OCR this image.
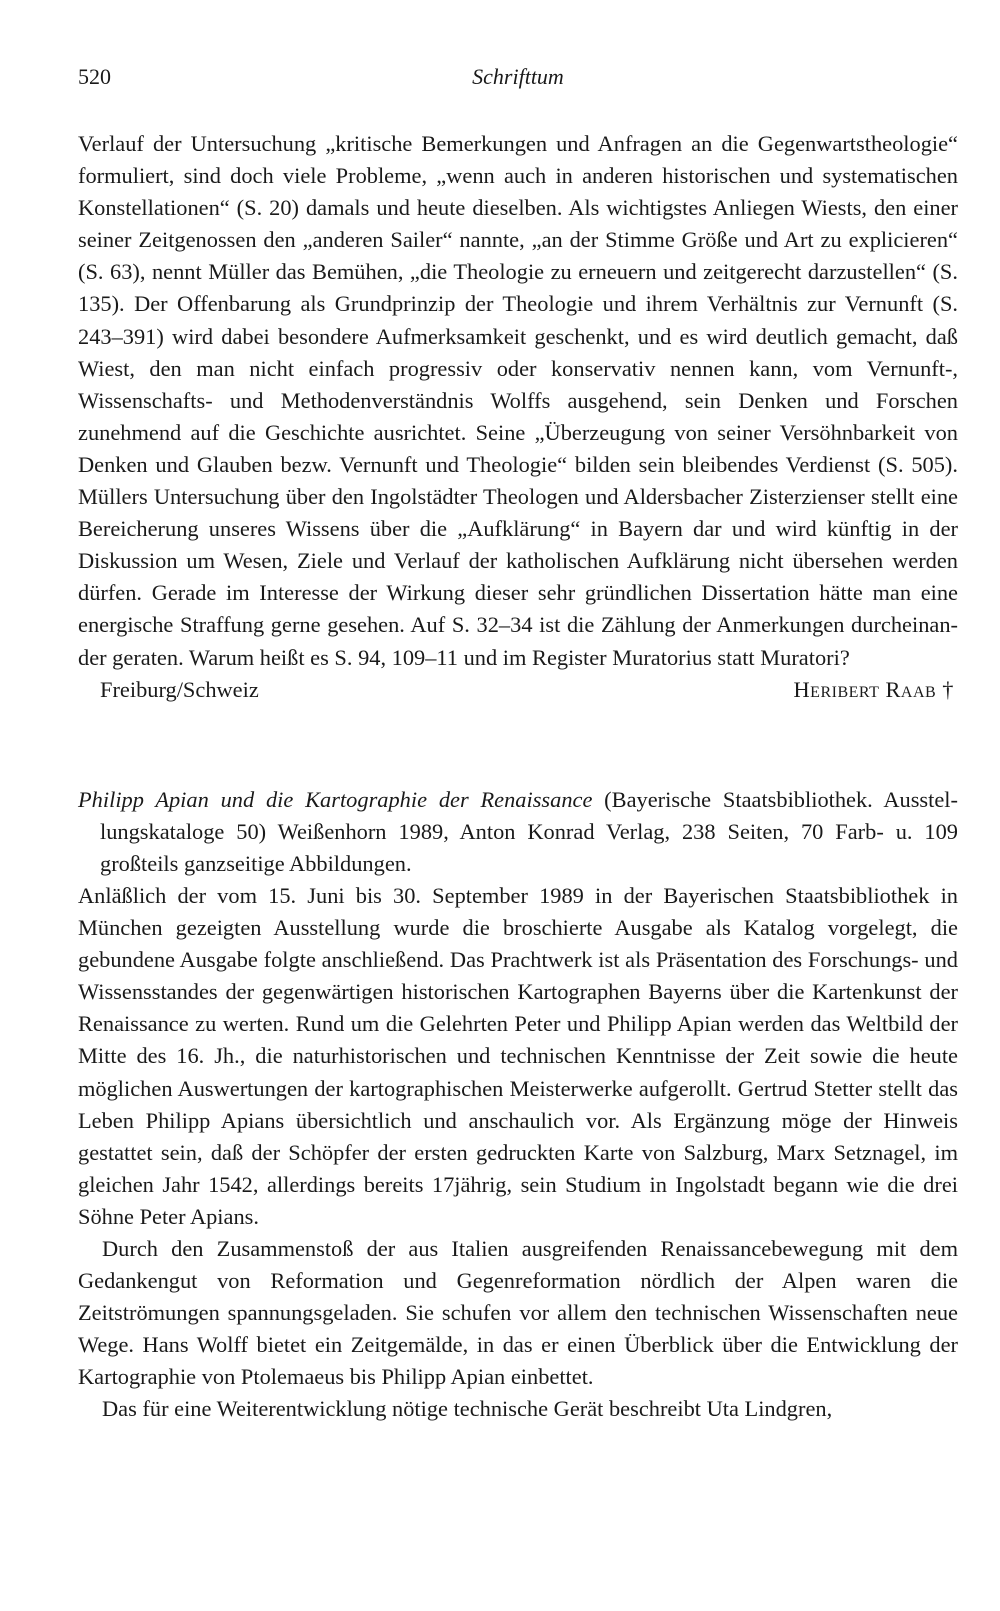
520	Schrifttum

Verlauf der Untersuchung „kritische Bemerkungen und Anfragen an die Gegenwartstheologie“ formuliert, sind doch viele Probleme, „wenn auch in anderen historischen und systematischen Konstellationen“ (S. 20) damals und heute dieselben. Als wichtigstes Anliegen Wiests, den einer seiner Zeitgenossen den „anderen Sailer“ nannte, „an der Stimme Größe und Art zu explicieren“ (S. 63), nennt Müller das Bemühen, „die Theologie zu erneuern und zeitgerecht darzustellen“ (S. 135). Der Offenbarung als Grundprinzip der Theologie und ihrem Verhältnis zur Vernunft (S. 243–391) wird dabei besondere Aufmerksamkeit geschenkt, und es wird deutlich gemacht, daß Wiest, den man nicht einfach progressiv oder konservativ nennen kann, vom Vernunft-, Wissenschafts- und Methodenverständnis Wolffs ausgehend, sein Denken und Forschen zunehmend auf die Geschichte ausrichtet. Seine „Überzeugung von seiner Versöhnbarkeit von Denken und Glauben bezw. Vernunft und Theologie“ bilden sein bleibendes Verdienst (S. 505). Müllers Untersuchung über den Ingolstädter Theologen und Aldersbacher Zisterzienser stellt eine Bereicherung unseres Wissens über die „Aufklärung“ in Bayern dar und wird künftig in der Diskussion um Wesen, Ziele und Verlauf der katholischen Aufklärung nicht übersehen werden dürfen. Gerade im Interesse der Wirkung dieser sehr gründlichen Dissertation hätte man eine energische Straffung gerne gesehen. Auf S. 32–34 ist die Zählung der Anmerkungen durcheinander geraten. Warum heißt es S. 94, 109–11 und im Register Muratorius statt Muratori?

Freiburg/Schweiz	Heribert Raab †
Philipp Apian und die Kartographie der Renaissance (Bayerische Staatsbibliothek. Ausstellungskataloge 50) Weißenhorn 1989, Anton Konrad Verlag, 238 Seiten, 70 Farb- u. 109 großteils ganzseitige Abbildungen.

Anläßlich der vom 15. Juni bis 30. September 1989 in der Bayerischen Staatsbibliothek in München gezeigten Ausstellung wurde die broschierte Ausgabe als Katalog vorgelegt, die gebundene Ausgabe folgte anschließend. Das Prachtwerk ist als Präsentation des Forschungs- und Wissensstandes der gegenwärtigen historischen Kartographen Bayerns über die Kartenkunst der Renaissance zu werten. Rund um die Gelehrten Peter und Philipp Apian werden das Weltbild der Mitte des 16. Jh., die naturhistorischen und technischen Kenntnisse der Zeit sowie die heute möglichen Auswertungen der kartographischen Meisterwerke aufgerollt. Gertrud Stetter stellt das Leben Philipp Apians übersichtlich und anschaulich vor. Als Ergänzung möge der Hinweis gestattet sein, daß der Schöpfer der ersten gedruckten Karte von Salzburg, Marx Setznagel, im gleichen Jahr 1542, allerdings bereits 17jährig, sein Studium in Ingolstadt begann wie die drei Söhne Peter Apians.

Durch den Zusammenstoß der aus Italien ausgreifenden Renaissancebewegung mit dem Gedankengut von Reformation und Gegenreformation nördlich der Alpen waren die Zeitströmungen spannungsgeladen. Sie schufen vor allem den technischen Wissenschaften neue Wege. Hans Wolff bietet ein Zeitgemälde, in das er einen Überblick über die Entwicklung der Kartographie von Ptolemaeus bis Philipp Apian einbettet.

Das für eine Weiterentwicklung nötige technische Gerät beschreibt Uta Lindgren,
